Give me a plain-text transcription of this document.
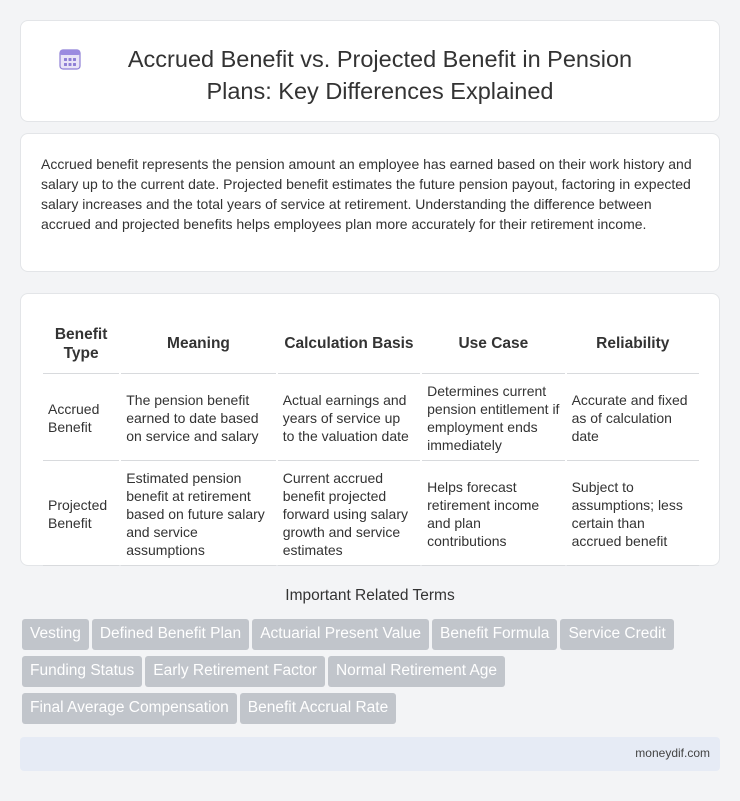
Accrued Benefit vs. Projected Benefit in Pension Plans: Key Differences Explained

Accrued benefit represents the pension amount an employee has earned based on their work history and salary up to the current date. Projected benefit estimates the future pension payout, factoring in expected salary increases and the total years of service at retirement. Understanding the difference between accrued and projected benefits helps employees plan more accurately for their retirement income.

Benefit Type	Meaning	Calculation Basis	Use Case	Reliability
Accrued Benefit	The pension benefit earned to date based on service and salary	Actual earnings and years of service up to the valuation date	Determines current pension entitlement if employment ends immediately	Accurate and fixed as of calculation date
Projected Benefit	Estimated pension benefit at retirement based on future salary and service assumptions	Current accrued benefit projected forward using salary growth and service estimates	Helps forecast retirement income and plan contributions	Subject to assumptions; less certain than accrued benefit
Important Related Terms
Vesting Defined Benefit Plan Actuarial Present Value Benefit Formula Service Credit
Funding Status Early Retirement Factor Normal Retirement Age
Final Average Compensation Benefit Accrual Rate
moneydif.com
